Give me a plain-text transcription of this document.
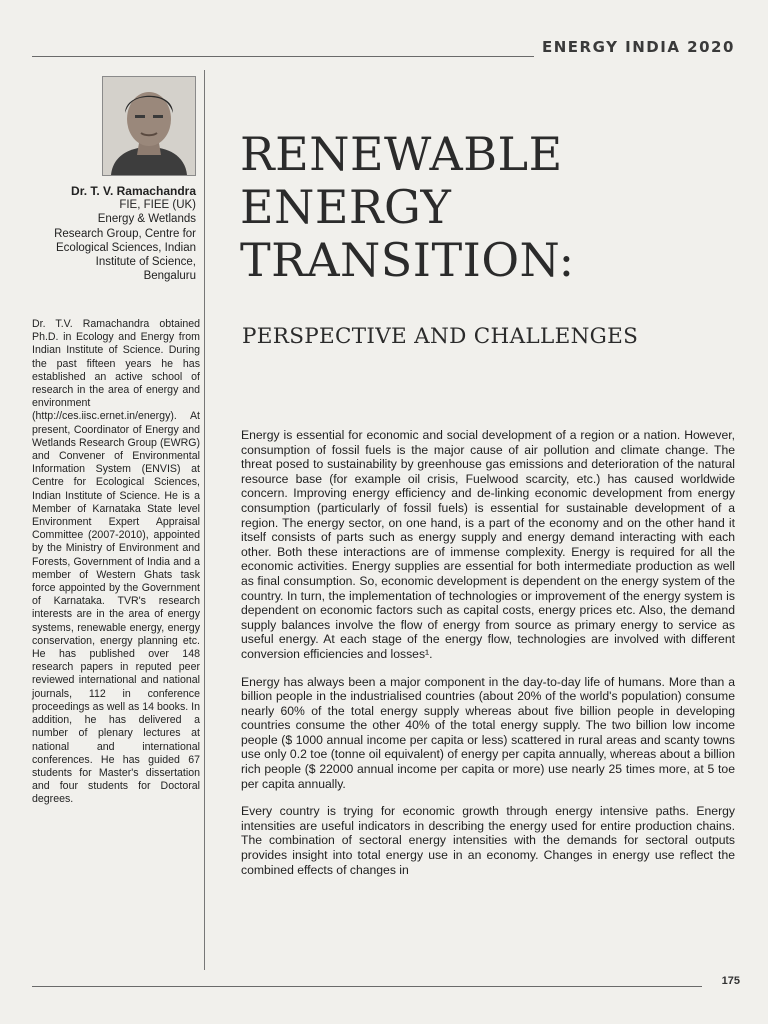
ENERGY INDIA 2020
Dr. T. V. Ramachandra
FIE, FIEE (UK)
Energy & Wetlands
Research Group, Centre for
Ecological Sciences, Indian
Institute of Science,
Bengaluru
Dr. T.V. Ramachandra obtained Ph.D. in Ecology and Energy from Indian Institute of Science. During the past fifteen years he has established an active school of research in the area of energy and environment (http://ces.iisc.ernet.in/energy). At present, Coordinator of Energy and Wetlands Research Group (EWRG) and Convener of Environmental Information System (ENVIS) at Centre for Ecological Sciences, Indian Institute of Science. He is a Member of Karnataka State level Environment Expert Appraisal Committee (2007-2010), appointed by the Ministry of Environment and Forests, Government of India and a member of Western Ghats task force appointed by the Government of Karnataka. TVR's research interests are in the area of energy systems, renewable energy, energy conservation, energy planning etc. He has published over 148 research papers in reputed peer reviewed international and national journals, 112 in conference proceedings as well as 14 books. In addition, he has delivered a number of plenary lectures at national and international conferences. He has guided 67 students for Master's dissertation and four students for Doctoral degrees.
RENEWABLE
ENERGY
TRANSITION:
PERSPECTIVE AND CHALLENGES

Energy is essential for economic and social development of a region or a nation. However, consumption of fossil fuels is the major cause of air pollution and climate change. The threat posed to sustainability by greenhouse gas emissions and deterioration of the natural resource base (for example oil crisis, Fuelwood scarcity, etc.) has caused worldwide concern. Improving energy efficiency and de-linking economic development from energy consumption (particularly of fossil fuels) is essential for sustainable development of a region. The energy sector, on one hand, is a part of the economy and on the other hand it itself consists of parts such as energy supply and energy demand interacting with each other. Both these interactions are of immense complexity. Energy is required for all the economic activities. Energy supplies are essential for both intermediate production as well as final consumption. So, economic development is dependent on the energy system of the country. In turn, the implementation of technologies or improvement of the energy system is dependent on economic factors such as capital costs, energy prices etc. Also, the demand supply balances involve the flow of energy from source as primary energy to service as useful energy. At each stage of the energy flow, technologies are involved with different conversion efficiencies and losses¹.

Energy has always been a major component in the day-to-day life of humans. More than a billion people in the industrialised countries (about 20% of the world's population) consume nearly 60% of the total energy supply whereas about five billion people in developing countries consume the other 40% of the total energy supply. The two billion low income people ($ 1000 annual income per capita or less) scattered in rural areas and scanty towns use only 0.2 toe (tonne oil equivalent) of energy per capita annually, whereas about a billion rich people ($ 22000 annual income per capita or more) use nearly 25 times more, at 5 toe per capita annually.

Every country is trying for economic growth through energy intensive paths. Energy intensities are useful indicators in describing the energy used for entire production chains. The combination of sectoral energy intensities with the demands for sectoral outputs provides insight into total energy use in an economy. Changes in energy use reflect the combined effects of changes in

175
